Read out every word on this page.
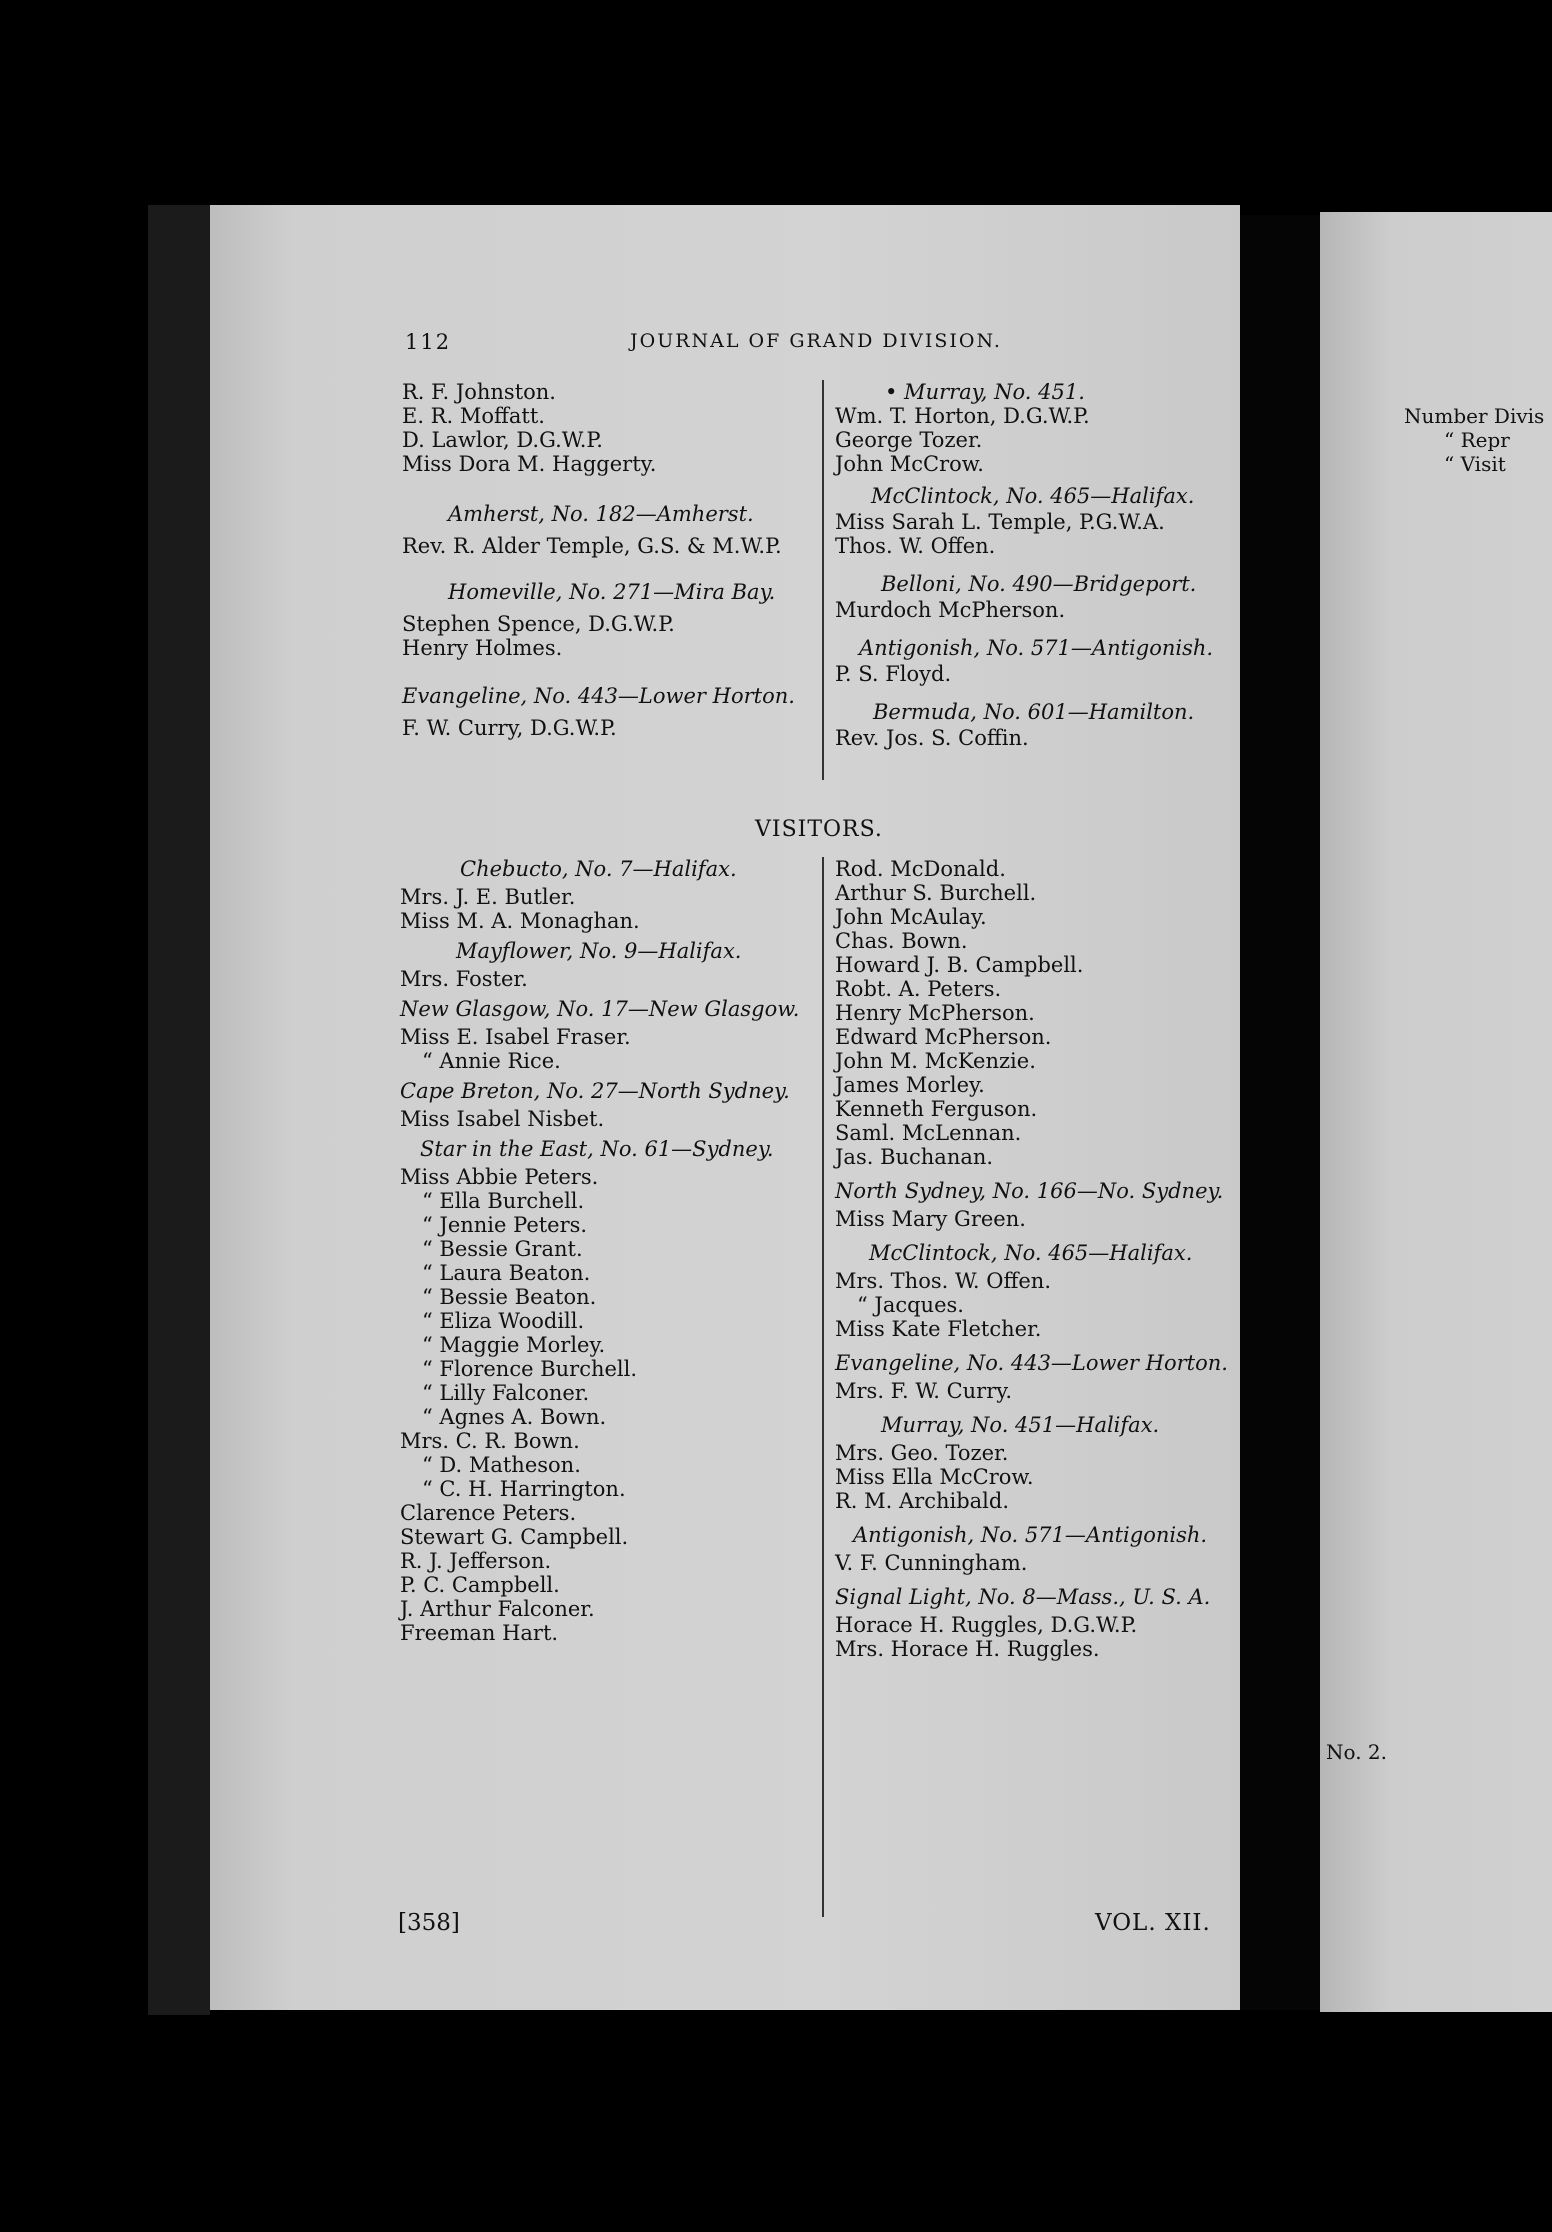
112	JOURNAL OF GRAND DIVISION.
R. F. Johnston.
E. R. Moffatt.
D. Lawlor, D.G.W.P.
Miss Dora M. Haggerty.
Amherst, No. 182—Amherst.
Rev. R. Alder Temple, G.S. & M.W.P.
Homeville, No. 271—Mira Bay.
Stephen Spence, D.G.W.P.
Henry Holmes.
Evangeline, No. 443—Lower Horton.
F. W. Curry, D.G.W.P.
• Murray, No. 451.
Wm. T. Horton, D.G.W.P.
George Tozer.
John McCrow.
McClintock, No. 465—Halifax.
Miss Sarah L. Temple, P.G.W.A.
Thos. W. Offen.
Belloni, No. 490—Bridgeport.
Murdoch McPherson.
Antigonish, No. 571—Antigonish.
P. S. Floyd.
Bermuda, No. 601—Hamilton.
Rev. Jos. S. Coffin.
VISITORS.
Chebucto, No. 7—Halifax.
Mrs. J. E. Butler.
Miss M. A. Monaghan.
Mayflower, No. 9—Halifax.
Mrs. Foster.
New Glasgow, No. 17—New Glasgow.
Miss E. Isabel Fraser.
“ Annie Rice.
Cape Breton, No. 27—North Sydney.
Miss Isabel Nisbet.
Star in the East, No. 61—Sydney.
Miss Abbie Peters.
“ Ella Burchell.
“ Jennie Peters.
“ Bessie Grant.
“ Laura Beaton.
“ Bessie Beaton.
“ Eliza Woodill.
“ Maggie Morley.
“ Florence Burchell.
“ Lilly Falconer.
“ Agnes A. Bown.
Mrs. C. R. Bown.
“ D. Matheson.
“ C. H. Harrington.
Clarence Peters.
Stewart G. Campbell.
R. J. Jefferson.
P. C. Campbell.
J. Arthur Falconer.
Freeman Hart.
Rod. McDonald.
Arthur S. Burchell.
John McAulay.
Chas. Bown.
Howard J. B. Campbell.
Robt. A. Peters.
Henry McPherson.
Edward McPherson.
John M. McKenzie.
James Morley.
Kenneth Ferguson.
Saml. McLennan.
Jas. Buchanan.
North Sydney, No. 166—No. Sydney.
Miss Mary Green.
McClintock, No. 465—Halifax.
Mrs. Thos. W. Offen.
“ Jacques.
Miss Kate Fletcher.
Evangeline, No. 443—Lower Horton.
Mrs. F. W. Curry.
Murray, No. 451—Halifax.
Mrs. Geo. Tozer.
Miss Ella McCrow.
R. M. Archibald.
Antigonish, No. 571—Antigonish.
V. F. Cunningham.
Signal Light, No. 8—Mass., U. S. A.
Horace H. Ruggles, D.G.W.P.
Mrs. Horace H. Ruggles.
[358]	VOL. XII.
Number Divis
“ Repr
“ Visit
No. 2.
